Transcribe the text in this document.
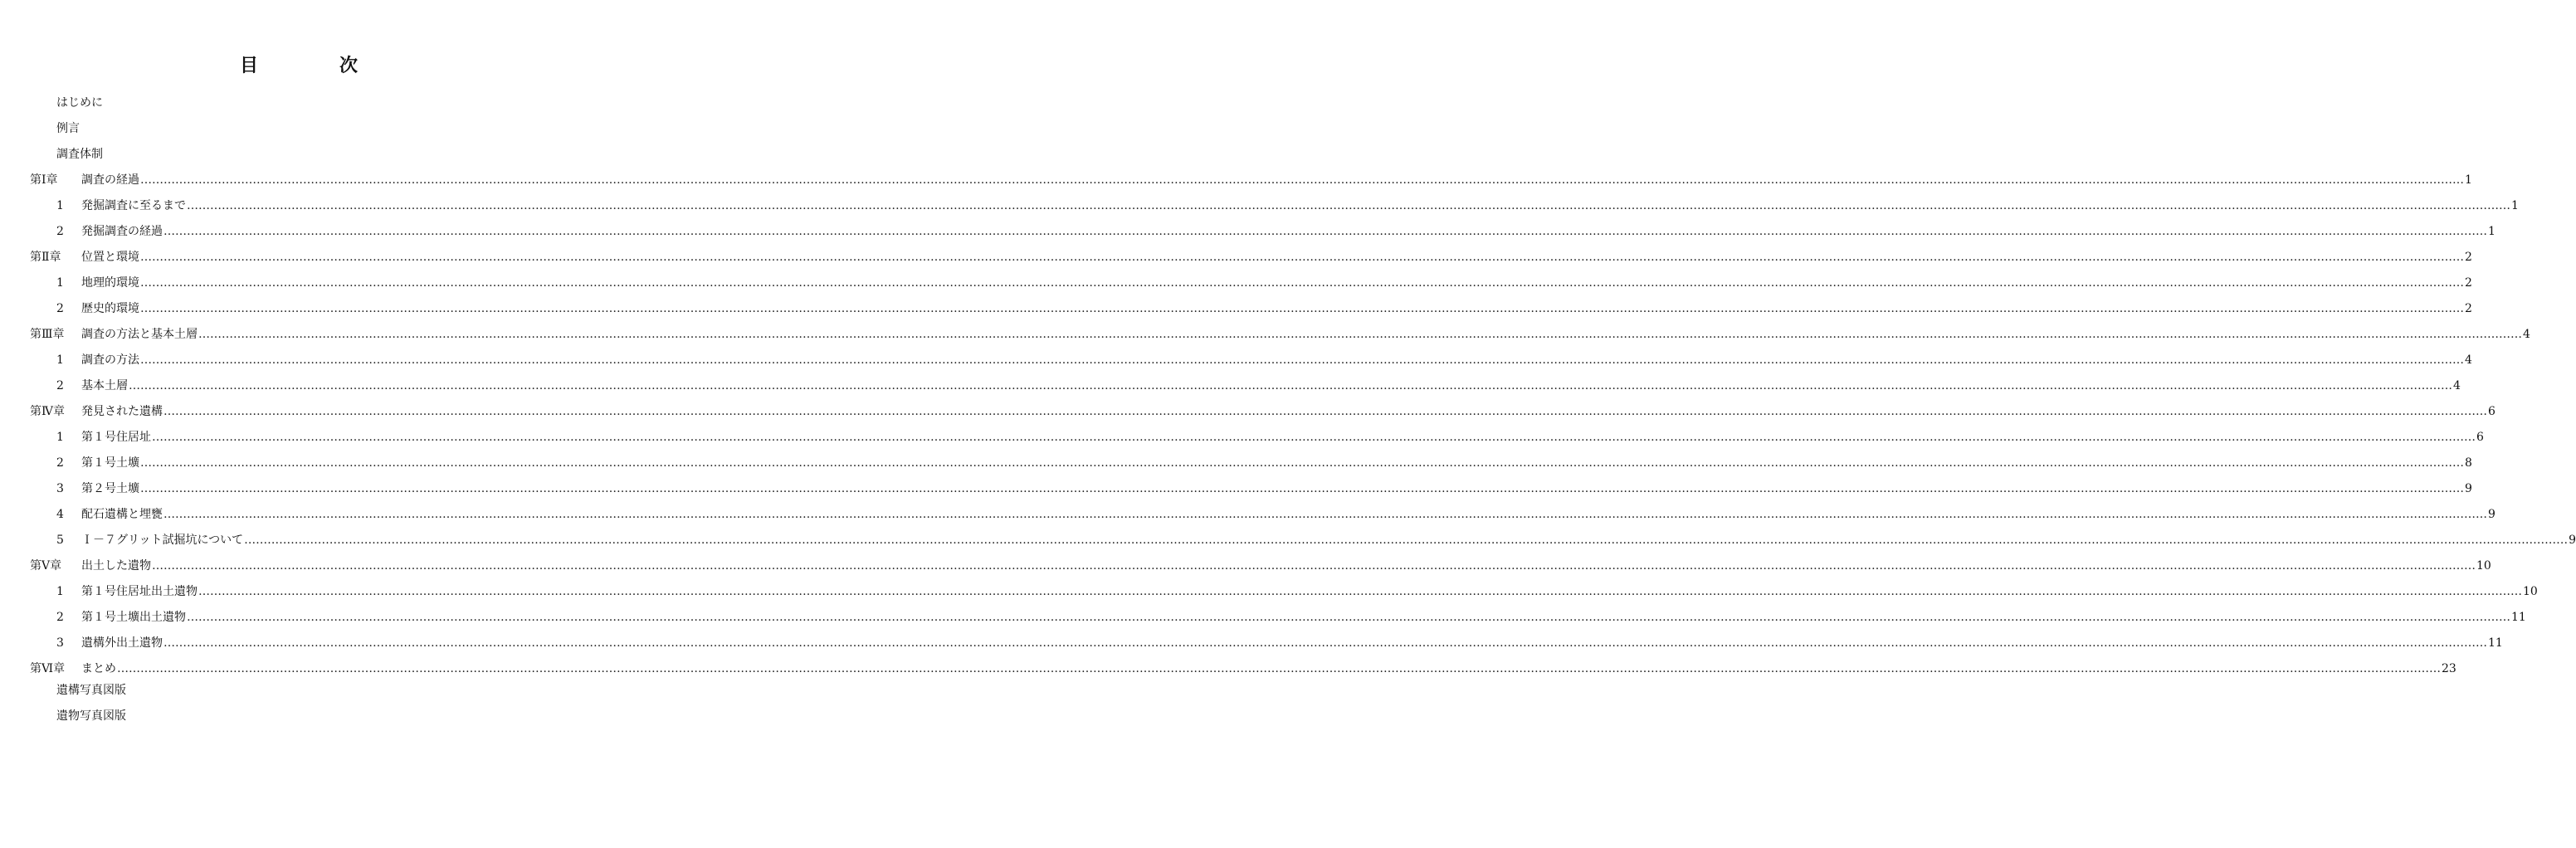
目　次
はじめに
例言
調査体制
第Ⅰ章 調査の経過 …………………………………………………………………………………………………………………………………………………………………………………………………………………………………………………………………………………………………………………………………………………………………………………………………………………………………………………………………………………………………………………………………………………… 1
1 発掘調査に至るまで …………………………………………………………………………………………………………………………………………………………………………………………………………………………………………………………………………………………………………………………………………………………………………………………………………………………………………………………………………………………………………………………………………………… 1
2 発掘調査の経過 …………………………………………………………………………………………………………………………………………………………………………………………………………………………………………………………………………………………………………………………………………………………………………………………………………………………………………………………………………………………………………………………………………………… 1
第Ⅱ章 位置と環境 …………………………………………………………………………………………………………………………………………………………………………………………………………………………………………………………………………………………………………………………………………………………………………………………………………………………………………………………………………………………………………………………………………………… 2
1 地理的環境 …………………………………………………………………………………………………………………………………………………………………………………………………………………………………………………………………………………………………………………………………………………………………………………………………………………………………………………………………………………………………………………………………………………… 2
2 歴史的環境 …………………………………………………………………………………………………………………………………………………………………………………………………………………………………………………………………………………………………………………………………………………………………………………………………………………………………………………………………………………………………………………………………………………… 2
第Ⅲ章 調査の方法と基本土層 …………………………………………………………………………………………………………………………………………………………………………………………………………………………………………………………………………………………………………………………………………………………………………………………………………………………………………………………………………………………………………………………………………………… 4
1 調査の方法 …………………………………………………………………………………………………………………………………………………………………………………………………………………………………………………………………………………………………………………………………………………………………………………………………………………………………………………………………………………………………………………………………………………… 4
2 基本土層 …………………………………………………………………………………………………………………………………………………………………………………………………………………………………………………………………………………………………………………………………………………………………………………………………………………………………………………………………………………………………………………………………………………… 4
第Ⅳ章 発見された遺構 …………………………………………………………………………………………………………………………………………………………………………………………………………………………………………………………………………………………………………………………………………………………………………………………………………………………………………………………………………………………………………………………………………………… 6
1 第１号住居址 …………………………………………………………………………………………………………………………………………………………………………………………………………………………………………………………………………………………………………………………………………………………………………………………………………………………………………………………………………………………………………………………………………………… 6
2 第１号土壙 …………………………………………………………………………………………………………………………………………………………………………………………………………………………………………………………………………………………………………………………………………………………………………………………………………………………………………………………………………………………………………………………………………………… 8
3 第２号土壙 …………………………………………………………………………………………………………………………………………………………………………………………………………………………………………………………………………………………………………………………………………………………………………………………………………………………………………………………………………………………………………………………………………………… 9
4 配石遺構と埋甕 …………………………………………………………………………………………………………………………………………………………………………………………………………………………………………………………………………………………………………………………………………………………………………………………………………………………………………………………………………………………………………………………………………………… 9
5 Ｉ－７グリット試掘坑について …………………………………………………………………………………………………………………………………………………………………………………………………………………………………………………………………………………………………………………………………………………………………………………………………………………………………………………………………………………………………………………………………………………… 9
第Ⅴ章 出土した遺物 …………………………………………………………………………………………………………………………………………………………………………………………………………………………………………………………………………………………………………………………………………………………………………………………………………………………………………………………………………………………………………………………………………………… 10
1 第１号住居址出土遺物 …………………………………………………………………………………………………………………………………………………………………………………………………………………………………………………………………………………………………………………………………………………………………………………………………………………………………………………………………………………………………………………………………………………… 10
2 第１号土壙出土遺物 …………………………………………………………………………………………………………………………………………………………………………………………………………………………………………………………………………………………………………………………………………………………………………………………………………………………………………………………………………………………………………………………………………………… 11
3 遺構外出土遺物 …………………………………………………………………………………………………………………………………………………………………………………………………………………………………………………………………………………………………………………………………………………………………………………………………………………………………………………………………………………………………………………………………………………… 11
第Ⅵ章 まとめ …………………………………………………………………………………………………………………………………………………………………………………………………………………………………………………………………………………………………………………………………………………………………………………………………………………………………………………………………………………………………………………………………………………… 23
遺構写真図版
遺物写真図版
